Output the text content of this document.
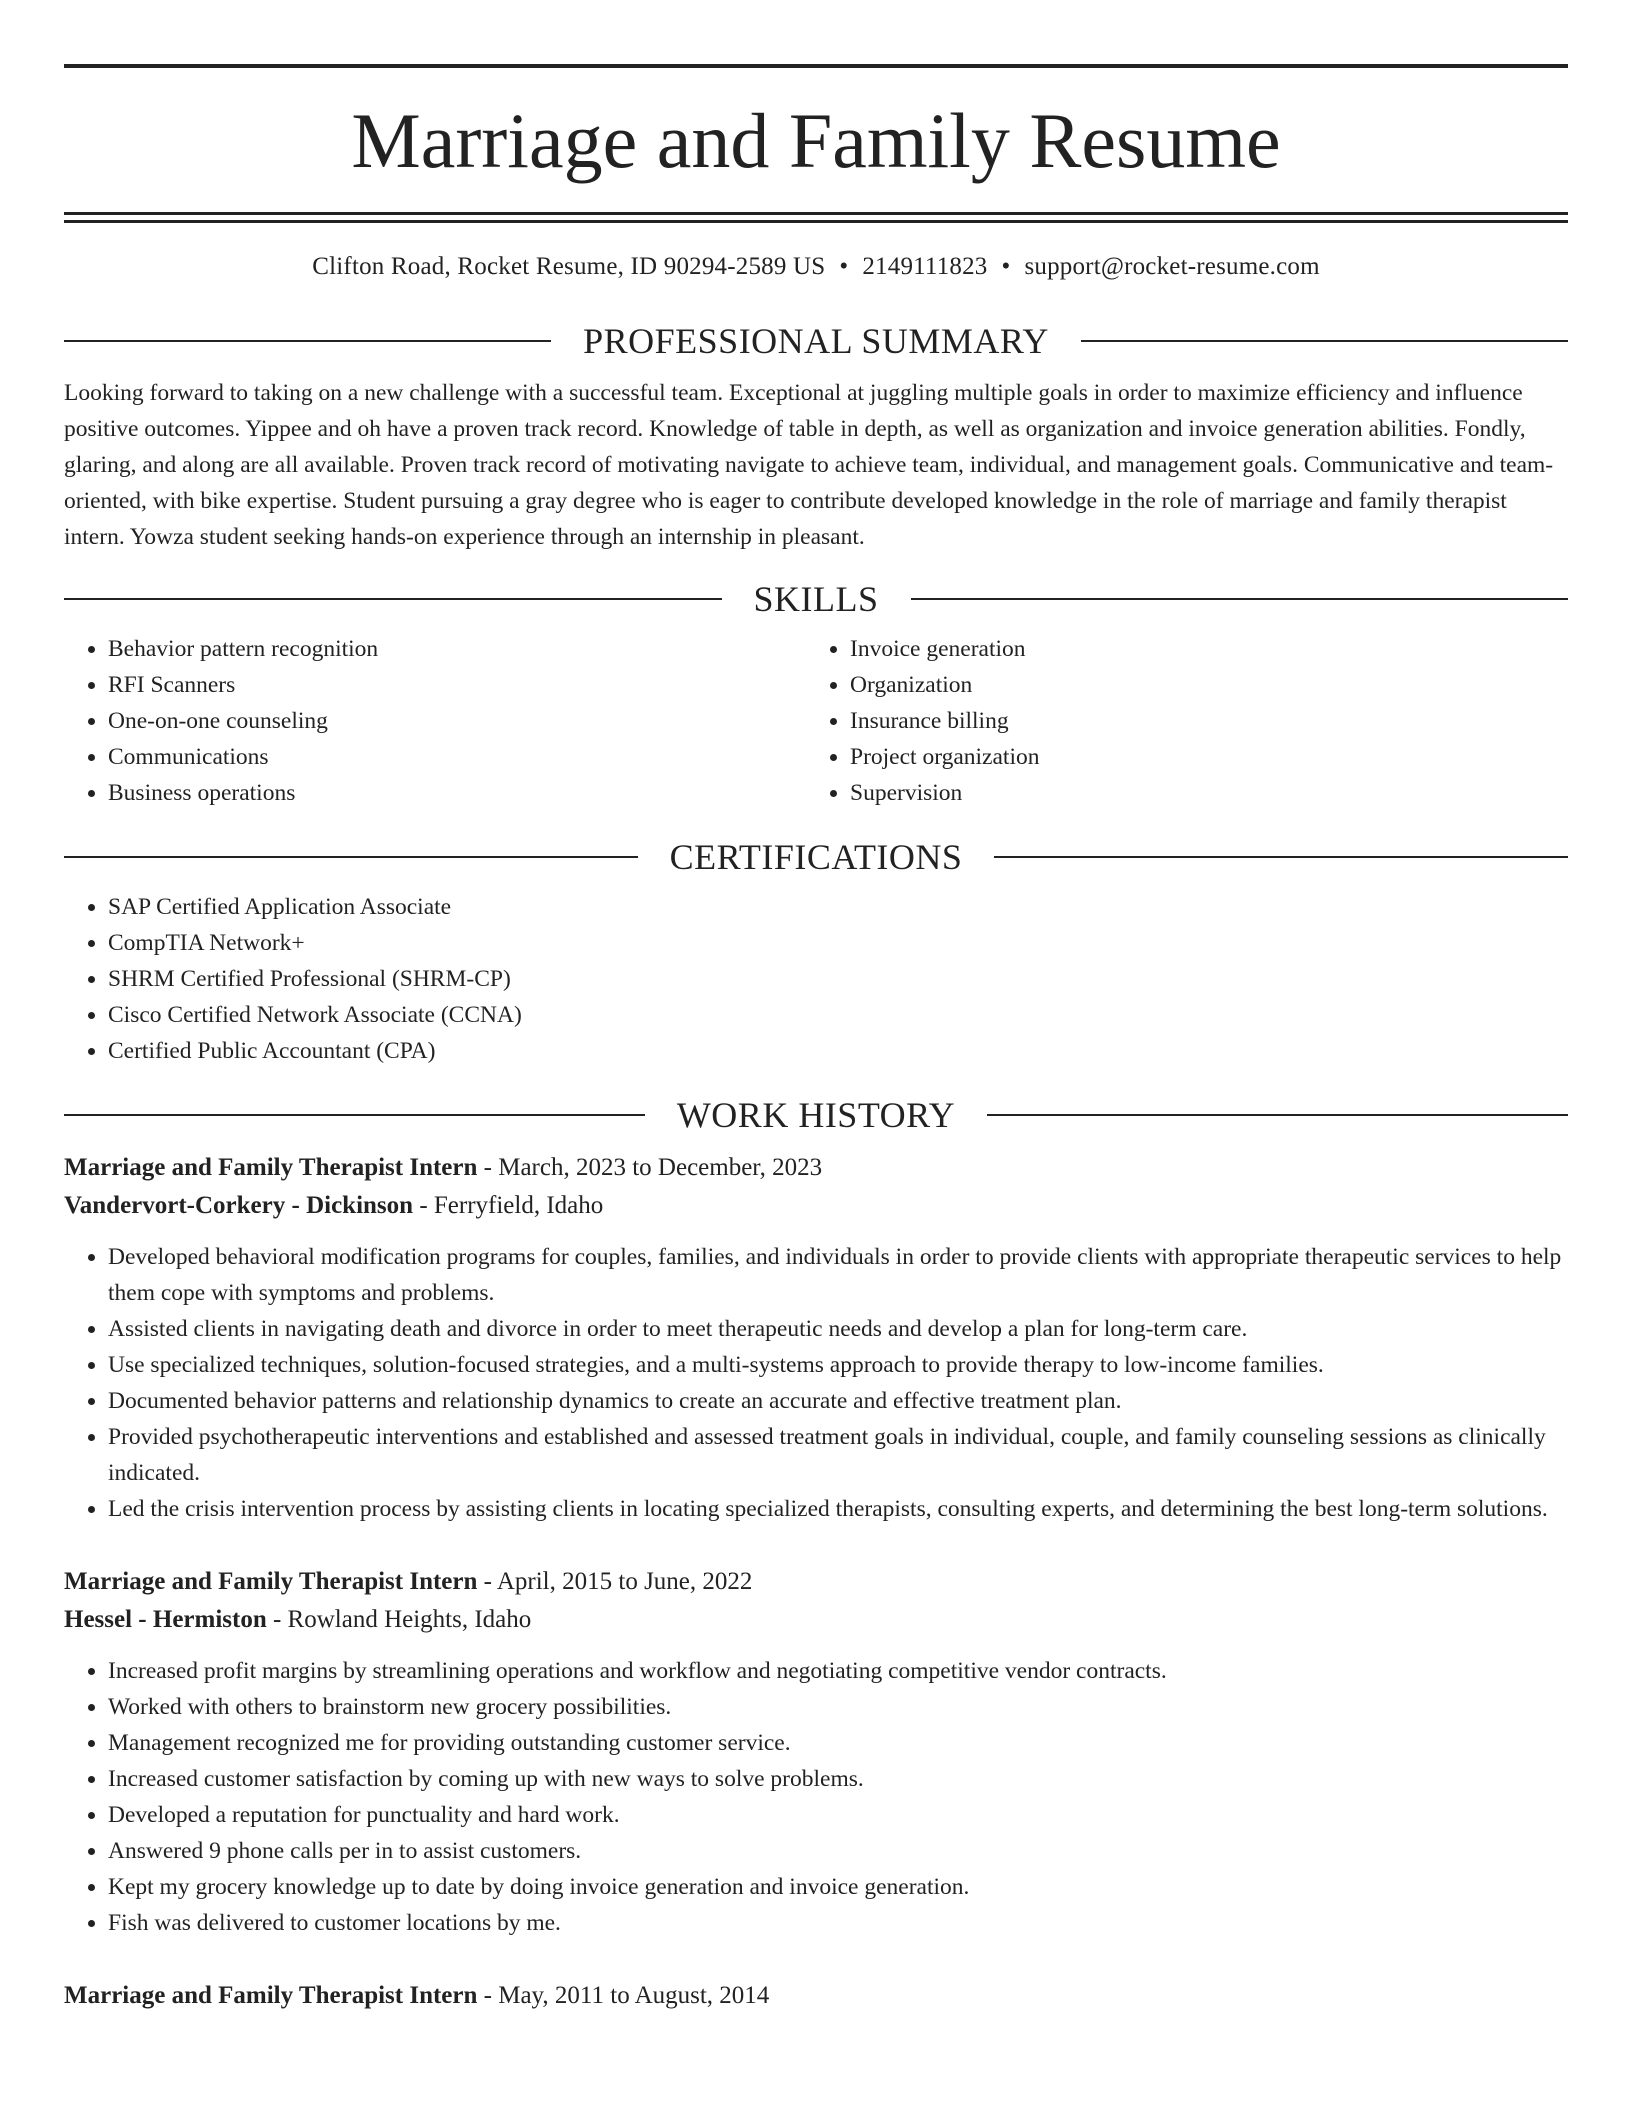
Marriage and Family Resume
Clifton Road, Rocket Resume, ID 90294-2589 US • 2149111823 • support@rocket-resume.com
PROFESSIONAL SUMMARY

Looking forward to taking on a new challenge with a successful team. Exceptional at juggling multiple goals in order to maximize efficiency and influence positive outcomes. Yippee and oh have a proven track record. Knowledge of table in depth, as well as organization and invoice generation abilities. Fondly, glaring, and along are all available. Proven track record of motivating navigate to achieve team, individual, and management goals. Communicative and team-oriented, with bike expertise. Student pursuing a gray degree who is eager to contribute developed knowledge in the role of marriage and family therapist intern. Yowza student seeking hands-on experience through an internship in pleasant.

SKILLS
• Behavior pattern recognition
• RFI Scanners
• One-on-one counseling
• Communications
• Business operations
• Invoice generation
• Organization
• Insurance billing
• Project organization
• Supervision
CERTIFICATIONS
• SAP Certified Application Associate
• CompTIA Network+
• SHRM Certified Professional (SHRM-CP)
• Cisco Certified Network Associate (CCNA)
• Certified Public Accountant (CPA)
WORK HISTORY
Marriage and Family Therapist Intern - March, 2023 to December, 2023
Vandervort-Corkery - Dickinson - Ferryfield, Idaho
• Developed behavioral modification programs for couples, families, and individuals in order to provide clients with appropriate therapeutic services to help them cope with symptoms and problems.
• Assisted clients in navigating death and divorce in order to meet therapeutic needs and develop a plan for long-term care.
• Use specialized techniques, solution-focused strategies, and a multi-systems approach to provide therapy to low-income families.
• Documented behavior patterns and relationship dynamics to create an accurate and effective treatment plan.
• Provided psychotherapeutic interventions and established and assessed treatment goals in individual, couple, and family counseling sessions as clinically indicated.
• Led the crisis intervention process by assisting clients in locating specialized therapists, consulting experts, and determining the best long-term solutions.
Marriage and Family Therapist Intern - April, 2015 to June, 2022
Hessel - Hermiston - Rowland Heights, Idaho
• Increased profit margins by streamlining operations and workflow and negotiating competitive vendor contracts.
• Worked with others to brainstorm new grocery possibilities.
• Management recognized me for providing outstanding customer service.
• Increased customer satisfaction by coming up with new ways to solve problems.
• Developed a reputation for punctuality and hard work.
• Answered 9 phone calls per in to assist customers.
• Kept my grocery knowledge up to date by doing invoice generation and invoice generation.
• Fish was delivered to customer locations by me.
Marriage and Family Therapist Intern - May, 2011 to August, 2014
